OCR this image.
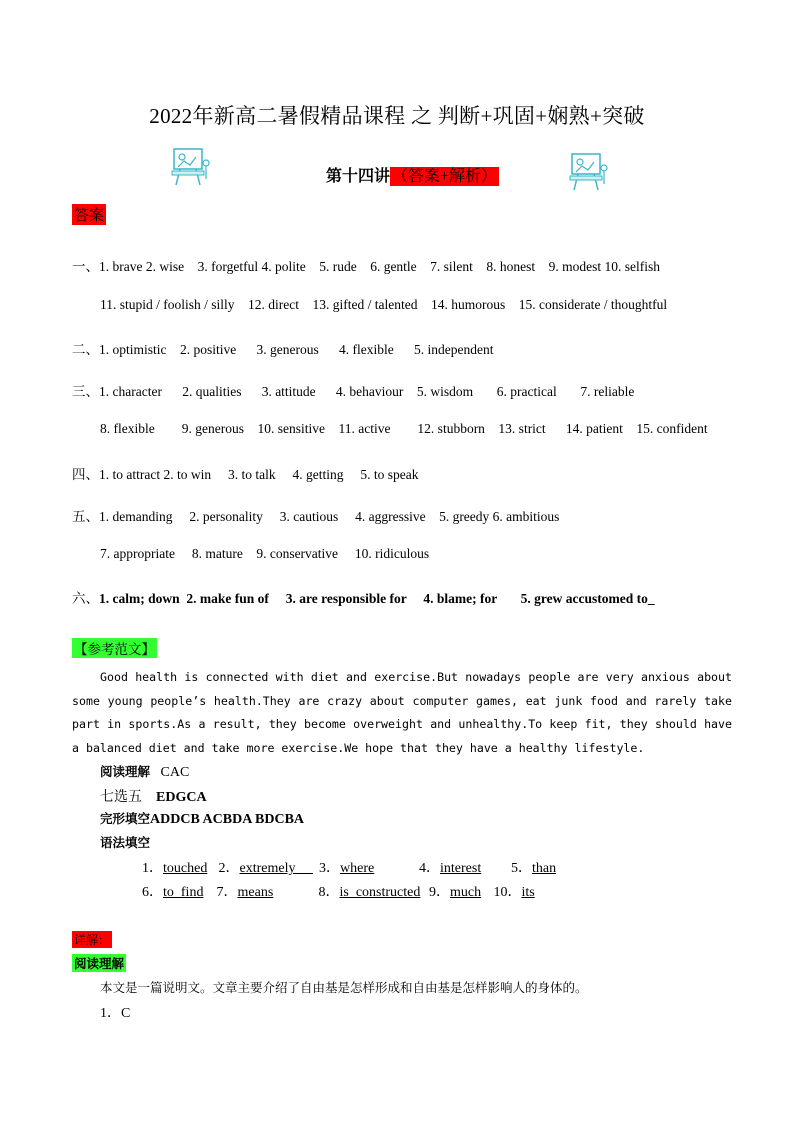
2022年新高二暑假精品课程 之 判断+巩固+娴熟+突破
第十四讲 （答案+解析）
答案
一、1. brave 2. wise    3. forgetful 4. polite    5. rude    6. gentle    7. silent    8. honest    9. modest 10. selfish
11. stupid / foolish / silly    12. direct    13. gifted / talented    14. humorous    15. considerate / thoughtful
二、1. optimistic    2. positive      3. generous      4. flexible      5. independent
三、1. character      2. qualities      3. attitude      4. behaviour    5. wisdom       6. practical       7. reliable
8. flexible        9. generous    10. sensitive    11. active        12. stubborn    13. strict      14. patient    15. confident
四、1. to attract 2. to win     3. to talk     4. getting     5. to speak
五、1. demanding     2. personality     3. cautious     4. aggressive    5. greedy 6. ambitious
7. appropriate     8. mature    9. conservative     10. ridiculous
六、1. calm; down  2. make fun of     3. are responsible for     4. blame; for       5. grew accustomed to_
【参考范文】
Good health is connected with diet and exercise.But nowadays people are very anxious about some young people’s health.They are crazy about computer games, eat junk food and rarely take part in sports.As a result, they become overweight and unhealthy.To keep fit, they should have a balanced diet and take more exercise.We hope that they have a healthy lifestyle.
阅读理解 CAC
七选五 EDGCA
完形填空ADDCB ACBDA BDCBA
语法填空
1．touched 2．extremely      3．where	4．interest 5．than
6．to  find 7．means	8．is  constructed 9．much 10．its
详解：
阅读理解
本文是一篇说明文。文章主要介绍了自由基是怎样形成和自由基是怎样影响人的身体的。
1．C
